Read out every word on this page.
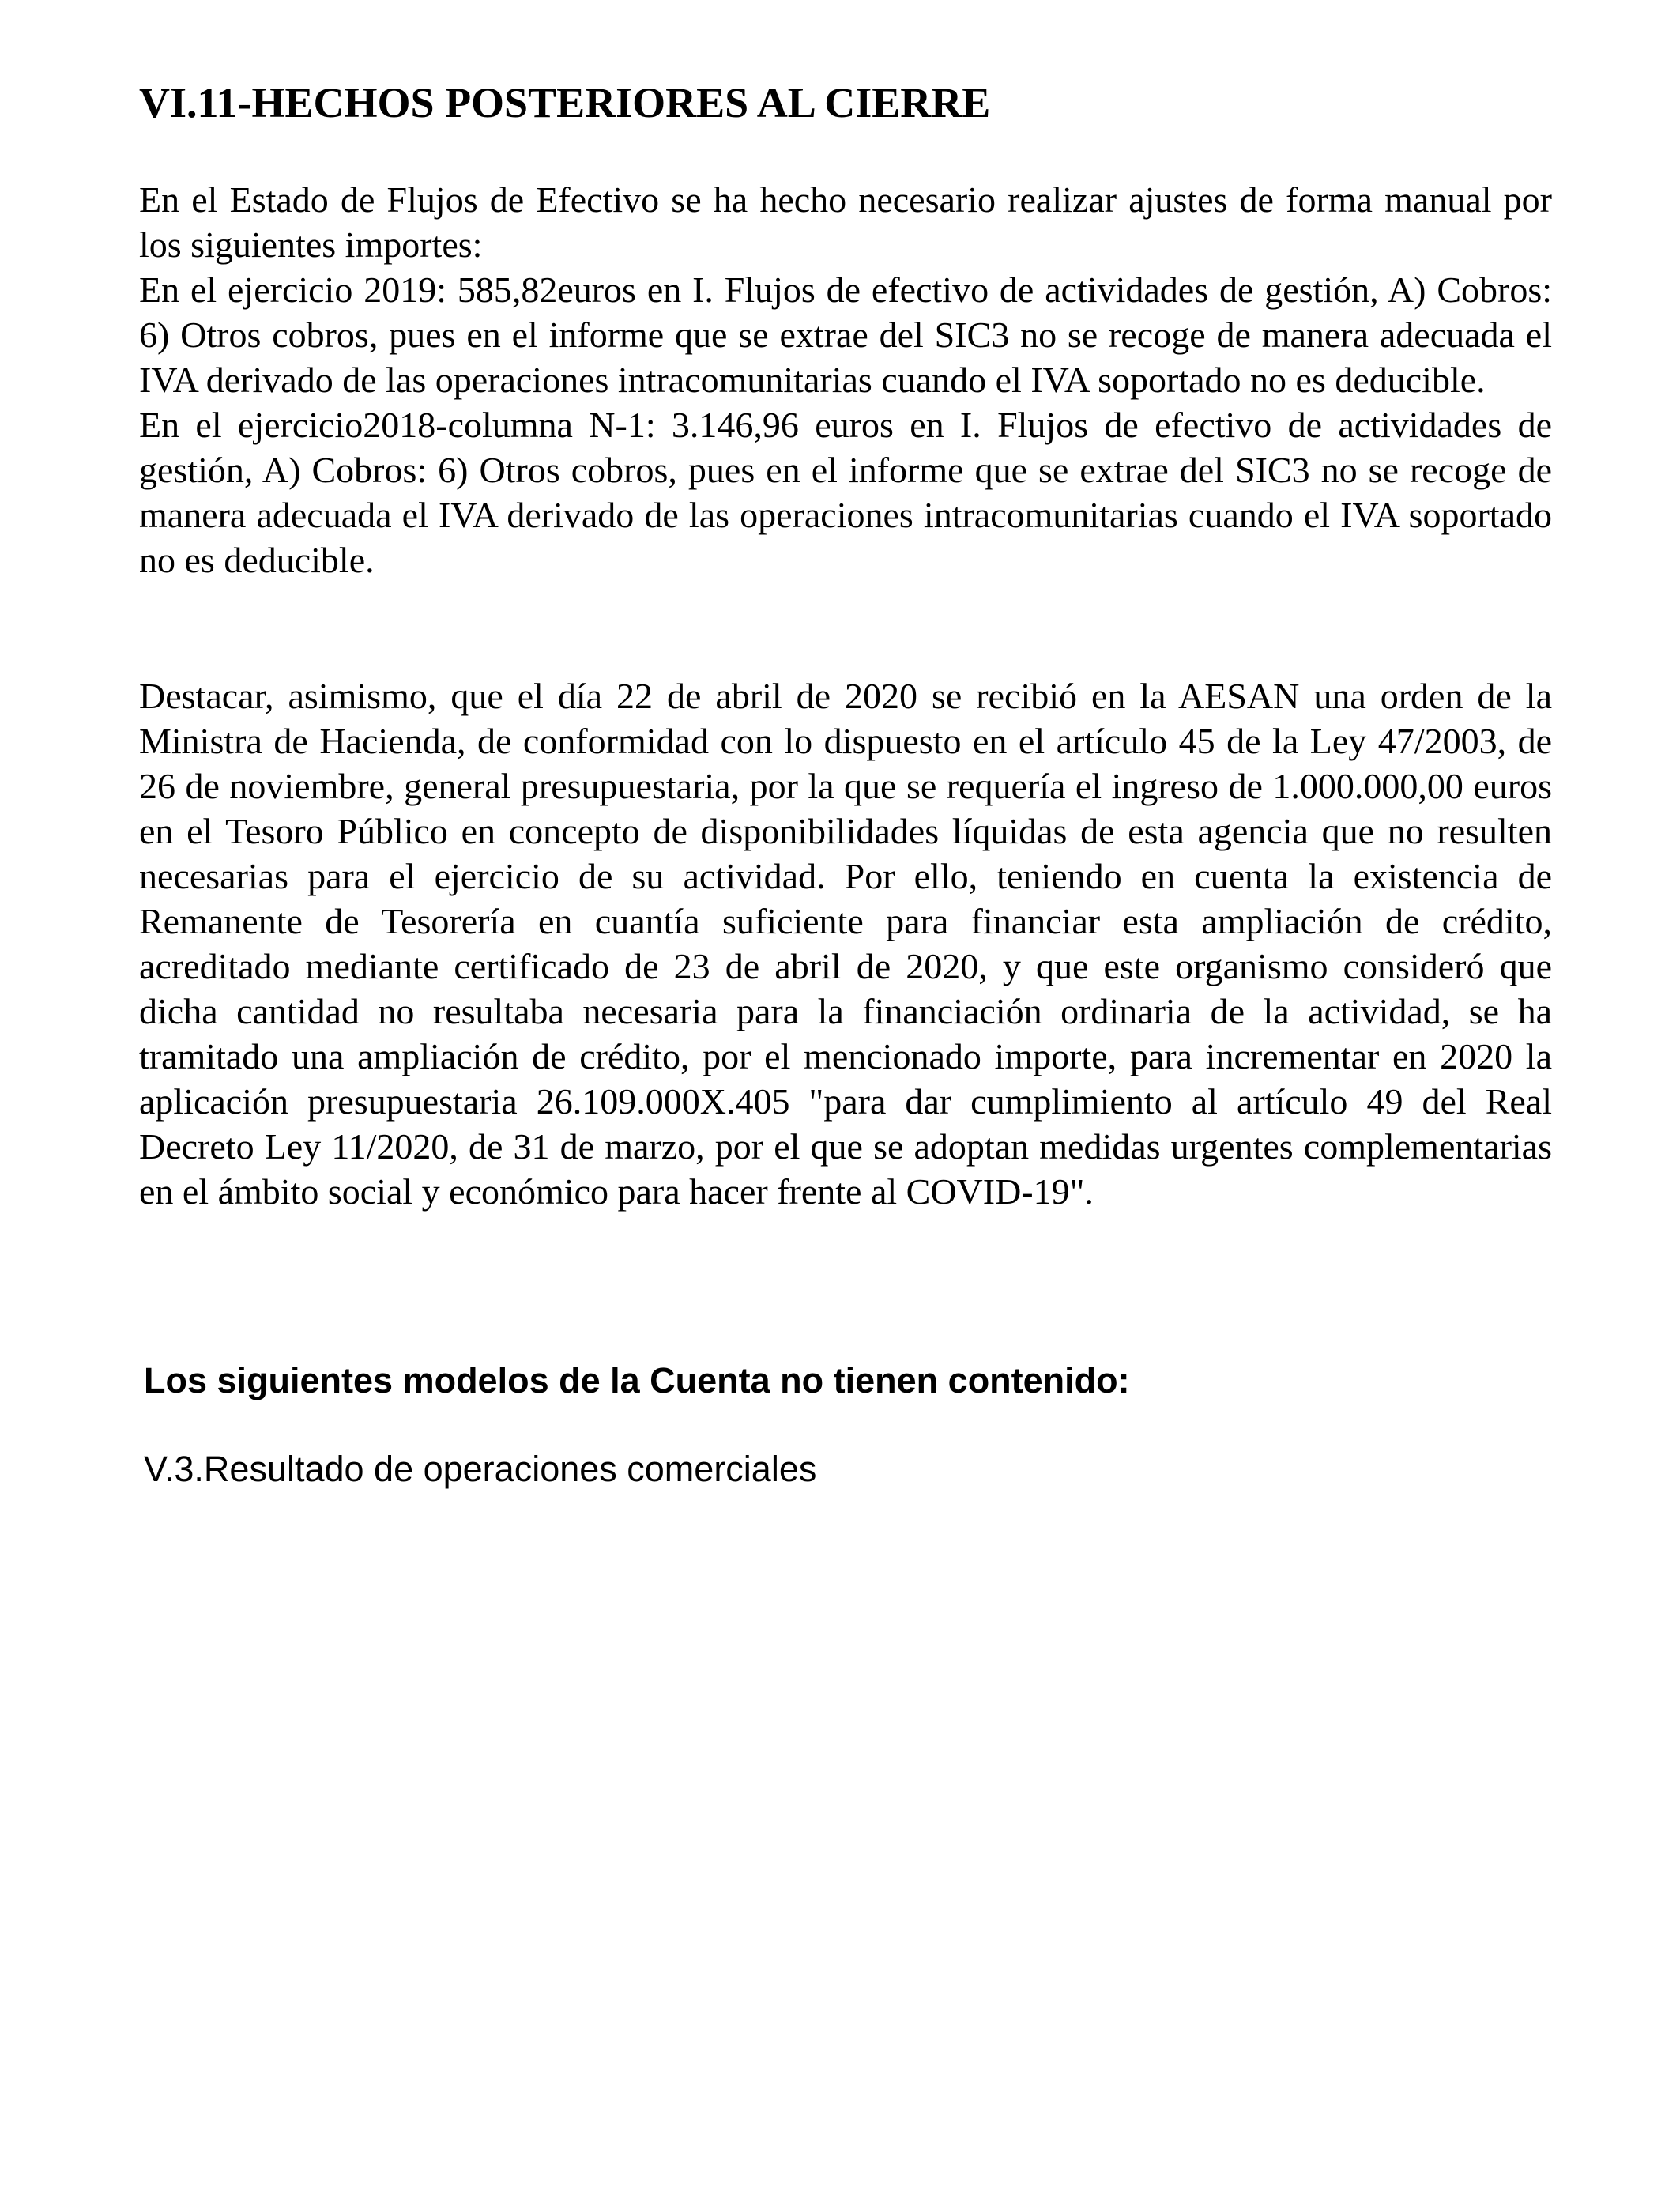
VI.11-HECHOS POSTERIORES AL CIERRE

En el Estado de Flujos de Efectivo se ha hecho necesario realizar ajustes de forma manual por los siguientes importes:

En el ejercicio 2019: 585,82euros en I. Flujos de efectivo de actividades de gestión, A) Cobros: 6) Otros cobros, pues en el informe que se extrae del SIC3 no se recoge de manera adecuada el IVA derivado de las operaciones intracomunitarias cuando el IVA soportado no es deducible.

En el ejercicio2018-columna N-1: 3.146,96 euros en I. Flujos de efectivo de actividades de gestión, A) Cobros: 6) Otros cobros, pues en el informe que se extrae del SIC3 no se recoge de manera adecuada el IVA derivado de las operaciones intracomunitarias cuando el IVA soportado no es deducible.

Destacar, asimismo, que el día 22 de abril de 2020 se recibió en la AESAN una orden de la Ministra de Hacienda, de conformidad con lo dispuesto en el artículo 45 de la Ley 47/2003, de 26 de noviembre, general presupuestaria, por la que se requería el ingreso de 1.000.000,00 euros en el Tesoro Público en concepto de disponibilidades líquidas de esta agencia que no resulten necesarias para el ejercicio de su actividad. Por ello, teniendo en cuenta la existencia de Remanente de Tesorería en cuantía suficiente para financiar esta ampliación de crédito, acreditado mediante certificado de 23 de abril de 2020, y que este organismo consideró que dicha cantidad no resultaba necesaria para la financiación ordinaria de la actividad, se ha tramitado una ampliación de crédito, por el mencionado importe, para incrementar en 2020 la aplicación presupuestaria 26.109.000X.405 "para dar cumplimiento al artículo 49 del Real Decreto Ley 11/2020, de 31 de marzo, por el que se adoptan medidas urgentes complementarias en el ámbito social y económico para hacer frente al COVID-19".

Los siguientes modelos de la Cuenta no tienen contenido:

V.3.Resultado de operaciones comerciales
